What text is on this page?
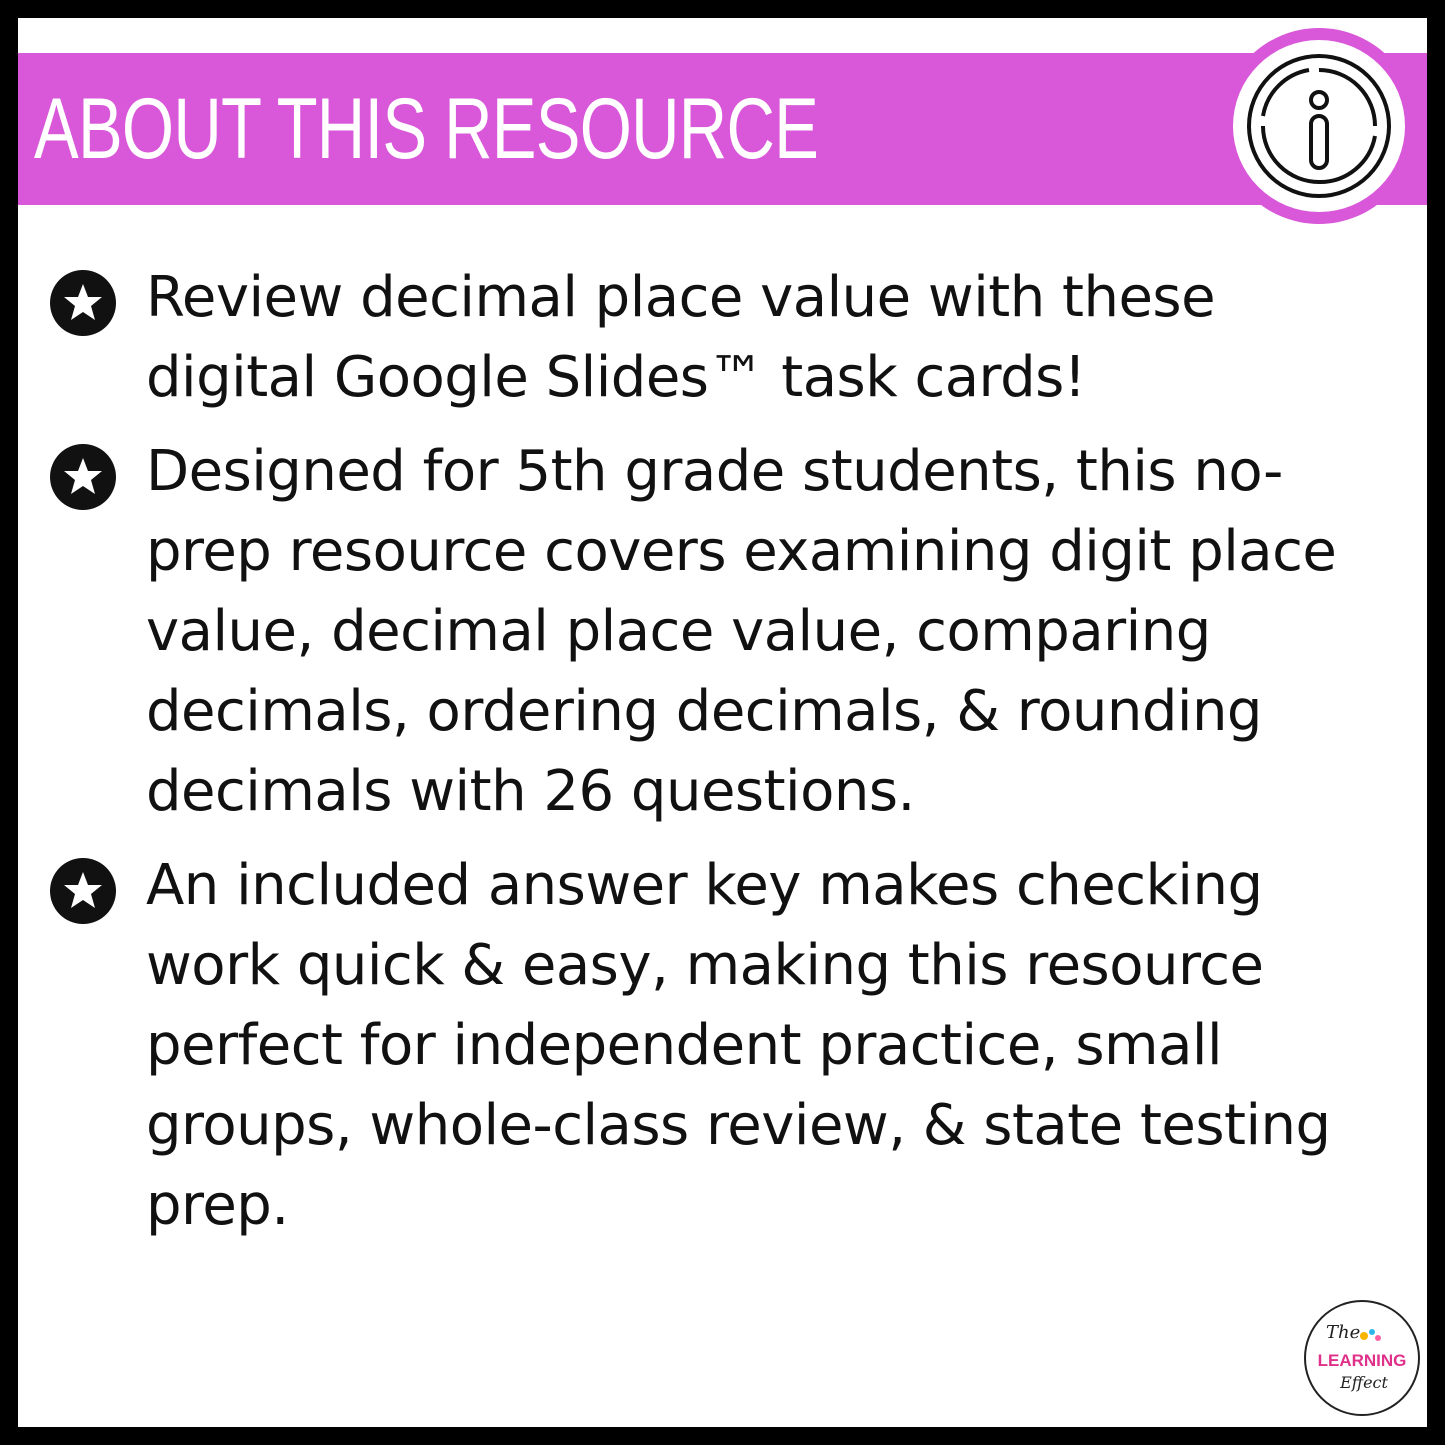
ABOUT THIS RESOURCE
Review decimal place value with these
digital Google Slides™ task cards!
Designed for 5th grade students, this no-
prep resource covers examining digit place
value, decimal place value, comparing
decimals, ordering decimals, & rounding
decimals with 26 questions.
An included answer key makes checking
work quick & easy, making this resource
perfect for independent practice, small
groups, whole-class review, & state testing
prep.
The
LEARNING
Effect
